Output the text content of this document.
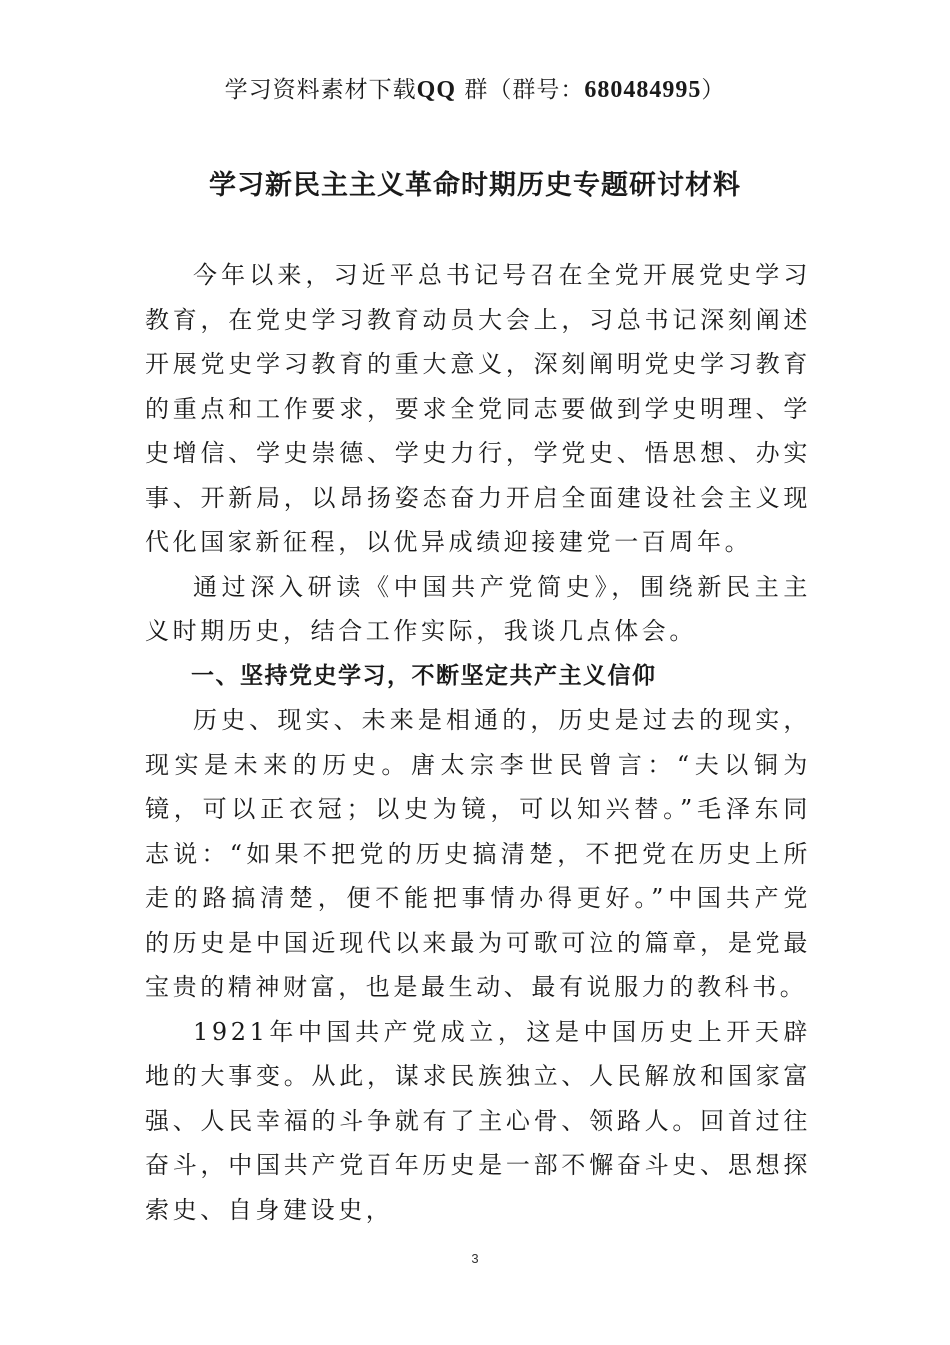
学习资料素材下载QQ 群（群号：680484995）
学习新民主主义革命时期历史专题研讨材料

今年以来，习近平总书记号召在全党开展党史学习教育，在党史学习教育动员大会上，习总书记深刻阐述开展党史学习教育的重大意义，深刻阐明党史学习教育的重点和工作要求，要求全党同志要做到学史明理、学史增信、学史崇德、学史力行，学党史、悟思想、办实事、开新局，以昂扬姿态奋力开启全面建设社会主义现代化国家新征程，以优异成绩迎接建党一百周年。

通过深入研读《中国共产党简史》，围绕新民主主义时期历史，结合工作实际，我谈几点体会。

一、坚持党史学习，不断坚定共产主义信仰

历史、现实、未来是相通的，历史是过去的现实，现实是未来的历史。唐太宗李世民曾言：“夫以铜为镜，可以正衣冠；以史为镜，可以知兴替。”毛泽东同志说：“如果不把党的历史搞清楚，不把党在历史上所走的路搞清楚，便不能把事情办得更好。”中国共产党的历史是中国近现代以来最为可歌可泣的篇章，是党最宝贵的精神财富，也是最生动、最有说服力的教科书。

1921年中国共产党成立，这是中国历史上开天辟地的大事变。从此，谋求民族独立、人民解放和国家富强、人民幸福的斗争就有了主心骨、领路人。回首过往奋斗，中国共产党百年历史是一部不懈奋斗史、思想探索史、自身建设史，

3
